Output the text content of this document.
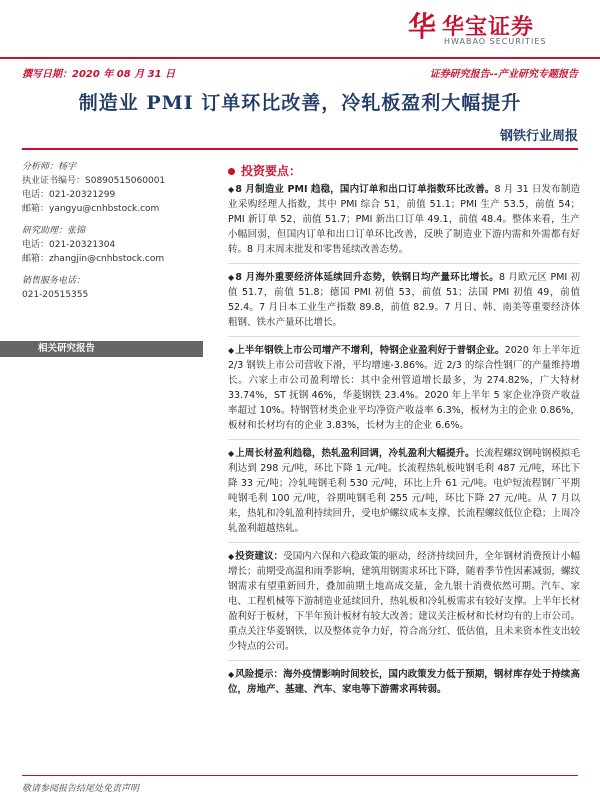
华 华宝证券
HWABAO SECURITIES
撰写日期：2020 年 08 月 31 日	证券研究报告--产业研究专题报告
制造业 PMI 订单环比改善，冷轧板盈利大幅提升
钢铁行业周报
分析师：杨宇
执业证书编号：S0890515060001
电话：021-20321299
邮箱：yangyu@cnhbstock.com
研究助理：张锦
电话：021-20321304
邮箱：zhangjin@cnhbstock.com
销售服务电话：
021-20515355
相关研究报告
投资要点：

◆8 月制造业 PMI 趋稳，国内订单和出口订单指数环比改善。8 月 31 日发布制造业采购经理人指数，其中 PMI 综合 51，前值 51.1；PMI 生产 53.5，前值 54；PMI 新订单 52，前值 51.7；PMI 新出口订单 49.1，前值 48.4。整体来看，生产小幅回弱，但国内订单和出口订单环比改善，反映了制造业下游内需和外需都有好转。8 月末周末批发和零售延续改善态势。

◆8 月海外重要经济体延续回升态势，铁钢日均产量环比增长。8 月欧元区 PMI 初值 51.7，前值 51.8；德国 PMI 初值 53，前值 51；法国 PMI 初值 49，前值 52.4。7 月日本工业生产指数 89.8，前值 82.9。7 月日、韩、南美等重要经济体粗钢、铁水产量环比增长。

◆上半年钢铁上市公司增产不增利，特钢企业盈利好于普钢企业。2020 年上半年近 2/3 钢铁上市公司营收下滑，平均增速-3.86%。近 2/3 的综合性钢厂的产量维持增长。六家上市公司盈利增长：其中金州管道增长最多，为 274.82%，广大特材 33.74%，ST 抚钢 46%，华菱钢铁 23.4%。2020 年上半年 5 家企业净资产收益率超过 10%。特钢管材类企业平均净资产收益率 6.3%，板材为主的企业 0.86%，板材和长材均有的企业 3.83%，长材为主的企业 6.6%。

◆上周长材盈利趋稳，热轧盈利回调，冷轧盈利大幅提升。长流程螺纹钢吨钢模拟毛利达到 298 元/吨，环比下降 1 元/吨。长流程热轧板吨钢毛利 487 元/吨，环比下降 33 元/吨；冷轧吨钢毛利 530 元/吨，环比上升 61 元/吨。电炉短流程钢厂平期吨钢毛利 100 元/吨，谷期吨钢毛利 255 元/吨，环比下降 27 元/吨。从 7 月以来，热轧和冷轧盈利持续回升，受电炉螺纹成本支撑、长流程螺纹低位企稳；上周冷轧盈利超越热轧。

◆投资建议：受国内六保和六稳政策的驱动，经济持续回升，全年钢材消费预计小幅增长；前期受高温和雨季影响，建筑用钢需求环比下降，随着季节性因素减弱，螺纹钢需求有望重新回升，叠加前期土地高成交量，金九银十消费依然可期。汽车、家电、工程机械等下游制造业延续回升，热轧板和冷轧板需求有较好支撑。上半年长材盈利好于板材，下半年预计板材有较大改善；建议关注板材和长材均有的上市公司。重点关注华菱钢铁，以及整体竞争力好，符合高分红、低估值，且未来资本性支出较少特点的公司。

◆风险提示：海外疫情影响时间较长，国内政策发力低于预期，钢材库存处于持续高位，房地产、基建、汽车、家电等下游需求再转弱。

敬请参阅报告结尾处免责声明
